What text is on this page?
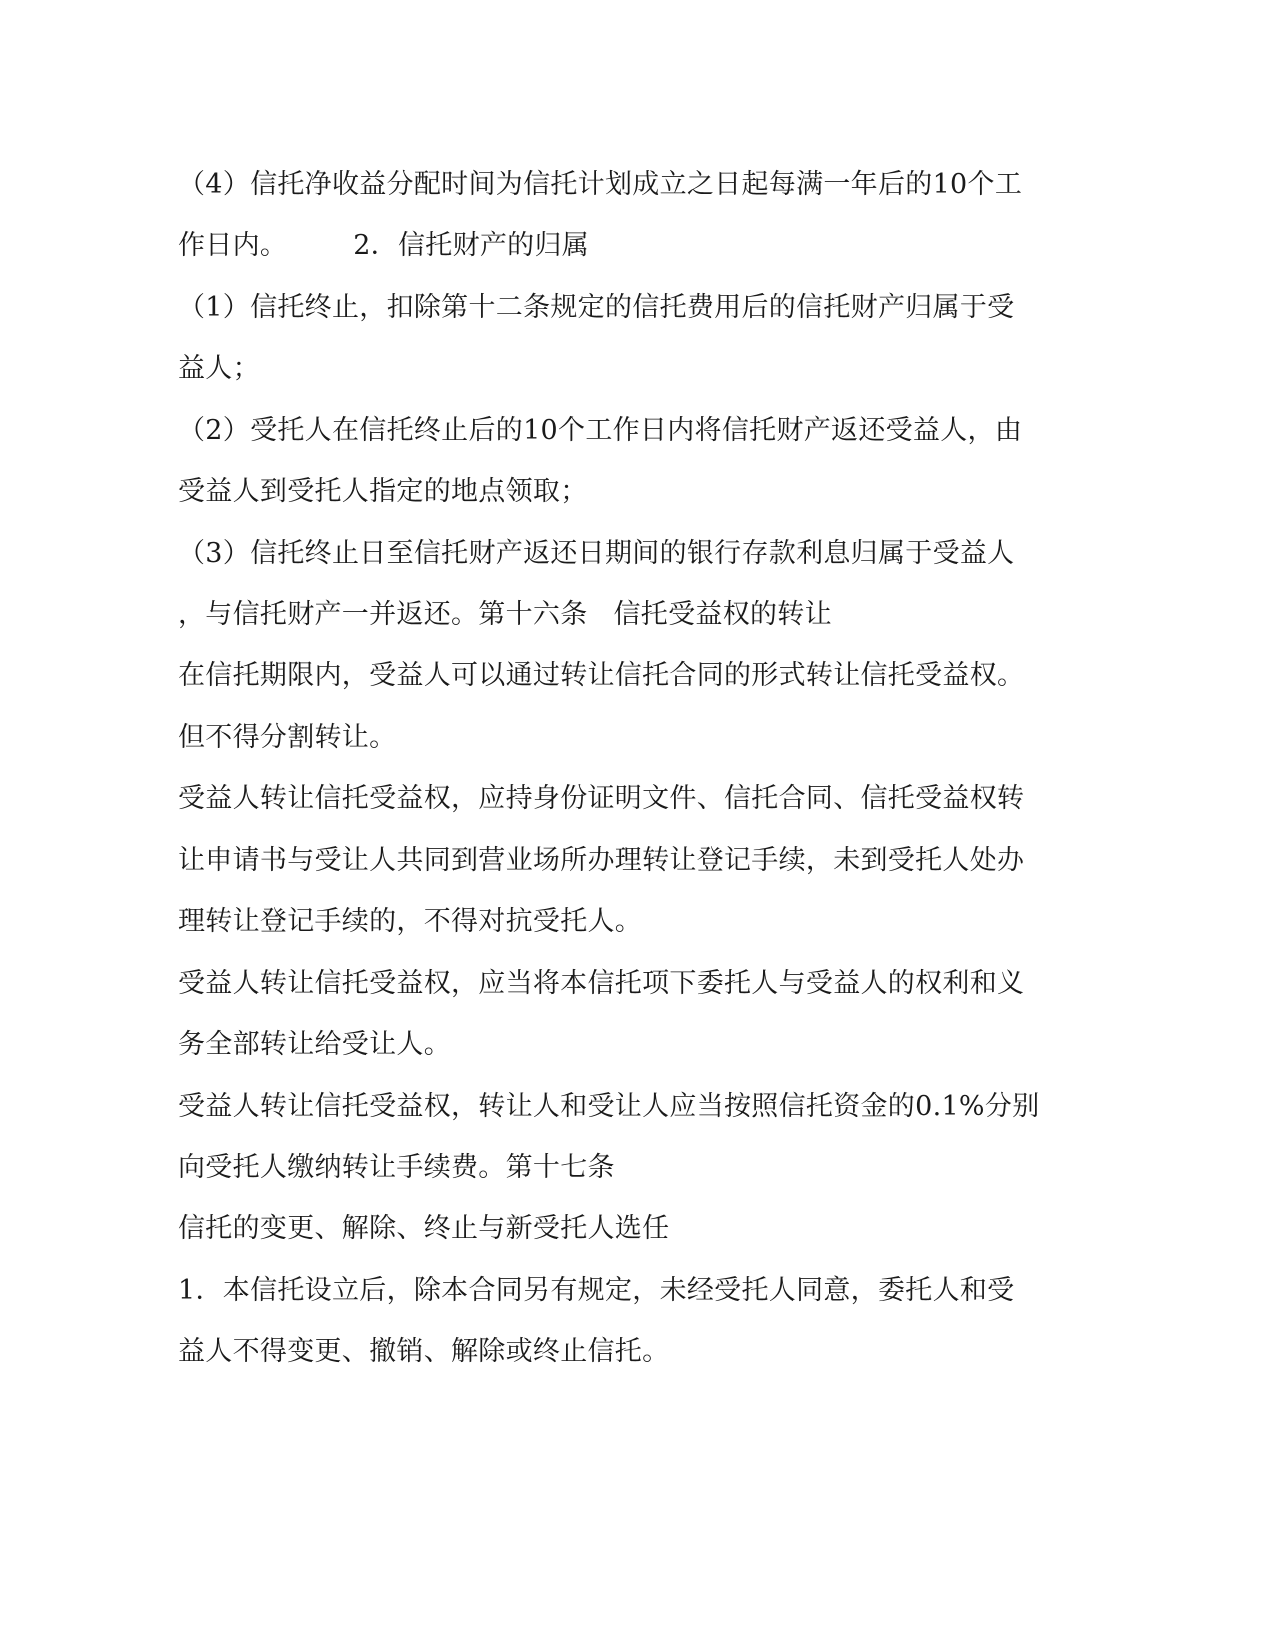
（4）信托净收益分配时间为信托计划成立之日起每满一年后的10个工
作日内。 2．信托财产的归属
（1）信托终止，扣除第十二条规定的信托费用后的信托财产归属于受
益人；
（2）受托人在信托终止后的10个工作日内将信托财产返还受益人，由
受益人到受托人指定的地点领取；
（3）信托终止日至信托财产返还日期间的银行存款利息归属于受益人
，与信托财产一并返还。第十六条 信托受益权的转让
在信托期限内，受益人可以通过转让信托合同的形式转让信托受益权。
但不得分割转让。
受益人转让信托受益权，应持身份证明文件、信托合同、信托受益权转
让申请书与受让人共同到营业场所办理转让登记手续，未到受托人处办
理转让登记手续的，不得对抗受托人。
受益人转让信托受益权，应当将本信托项下委托人与受益人的权利和义
务全部转让给受让人。
受益人转让信托受益权，转让人和受让人应当按照信托资金的0.1%分别
向受托人缴纳转让手续费。第十七条
信托的变更、解除、终止与新受托人选任
1．本信托设立后，除本合同另有规定，未经受托人同意，委托人和受
益人不得变更、撤销、解除或终止信托。
